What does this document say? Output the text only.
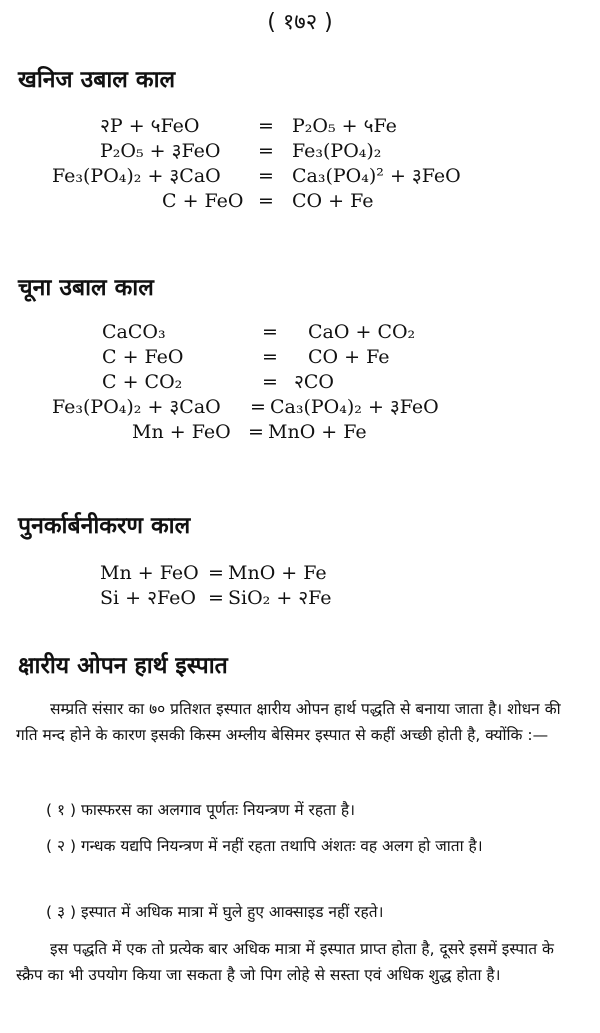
( १७२ )
खनिज उबाल काल
२P + ५FeO	= P₂O₅ + ५Fe
P₂O₅ + ३FeO = Fe₃(PO₄)₂
Fe₃(PO₄)₂ + ३CaO = Ca₃(PO₄)² + ३FeO
C + FeO = CO + Fe
चूना उबाल काल
CaCO₃	= CaO + CO₂
C + FeO	= CO + Fe
C + CO₂	= २CO
Fe₃(PO₄)₂ + ३CaO = Ca₃(PO₄)₂ + ३FeO
Mn + FeO = MnO + Fe
पुनर्कार्बनीकरण काल
Mn + FeO = MnO + Fe
Si + २FeO = SiO₂ + २Fe
क्षारीय ओपन हार्थ इस्पात
सम्प्रति संसार का ७० प्रतिशत इस्पात क्षारीय ओपन हार्थ पद्धति से बनाया जाता है। शोधन की गति मन्द होने के कारण इसकी किस्म अम्लीय बेसिमर इस्पात से कहीं अच्छी होती है, क्योंकि :—
( १ ) फास्फरस का अलगाव पूर्णतः नियन्त्रण में रहता है।
( २ ) गन्धक यद्यपि नियन्त्रण में नहीं रहता तथापि अंशतः वह अलग हो जाता है।
( ३ ) इस्पात में अधिक मात्रा में घुले हुए आक्साइड नहीं रहते।
इस पद्धति में एक तो प्रत्येक बार अधिक मात्रा में इस्पात प्राप्त होता है, दूसरे इसमें इस्पात के स्क्रैप का भी उपयोग किया जा सकता है जो पिग लोहे से सस्ता एवं अधिक शुद्ध होता है।
